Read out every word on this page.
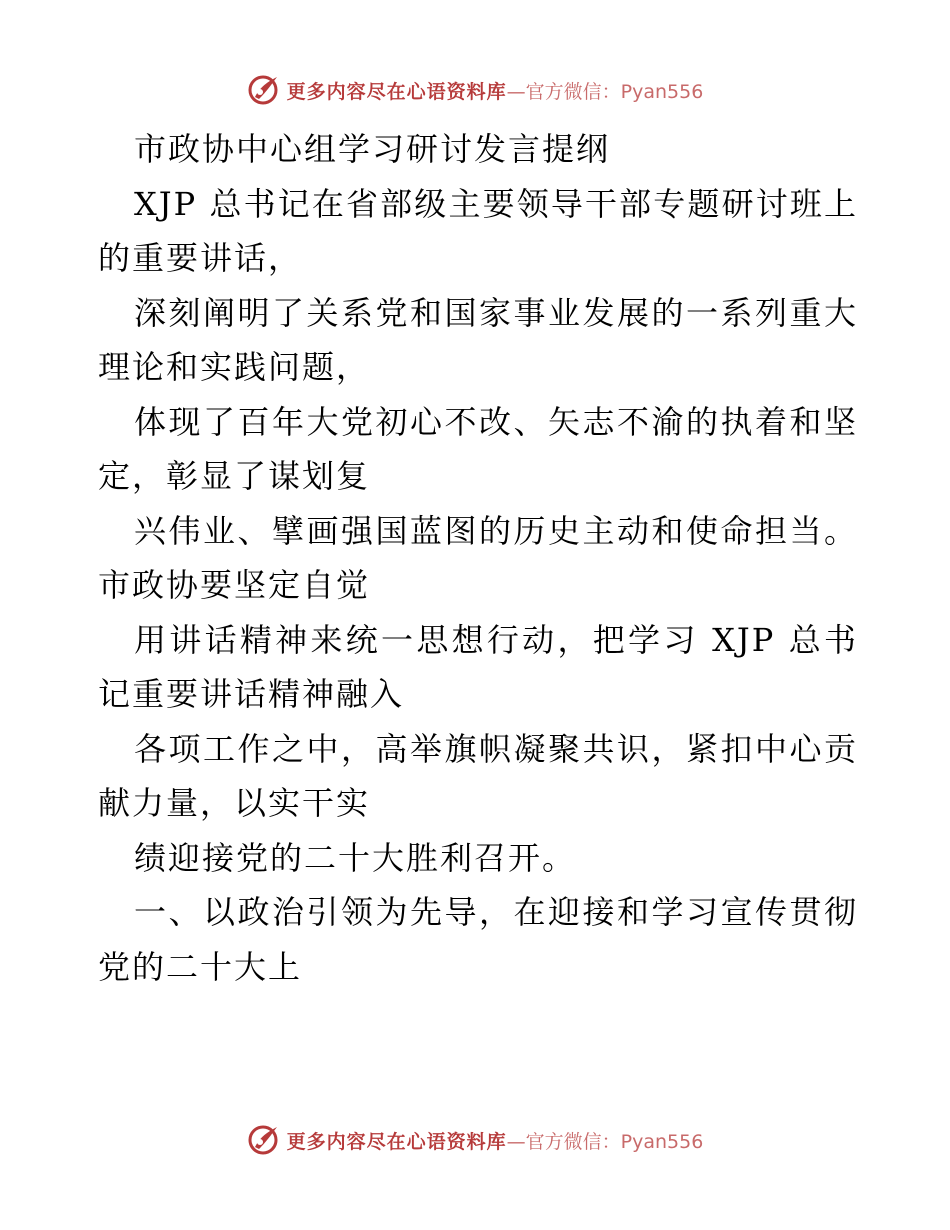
更多内容尽在心语资料库 —官方微信：Pyan556

市政协中心组学习研讨发言提纲

XJP 总书记在省部级主要领导干部专题研讨班上的重要讲话，

深刻阐明了关系党和国家事业发展的一系列重大理论和实践问题，

体现了百年大党初心不改、矢志不渝的执着和坚定，彰显了谋划复

兴伟业、擘画强国蓝图的历史主动和使命担当。市政协要坚定自觉

用讲话精神来统一思想行动，把学习 XJP 总书记重要讲话精神融入

各项工作之中，高举旗帜凝聚共识，紧扣中心贡献力量，以实干实

绩迎接党的二十大胜利召开。

一、以政治引领为先导，在迎接和学习宣传贯彻党的二十大上

更多内容尽在心语资料库 —官方微信：Pyan556
